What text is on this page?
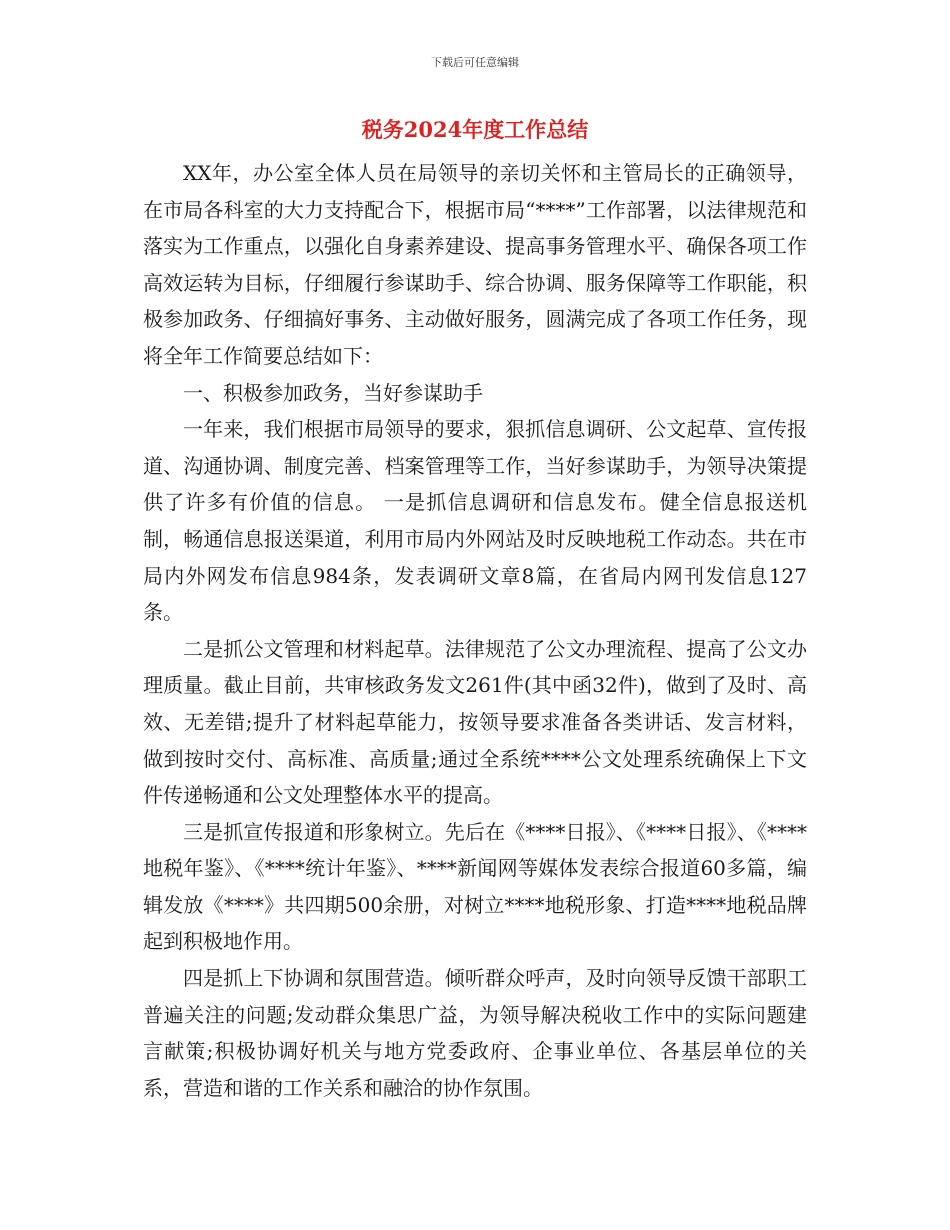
下载后可任意编辑
税务2024年度工作总结

XX年，办公室全体人员在局领导的亲切关怀和主管局长的正确领导，在市局各科室的大力支持配合下，根据市局“****”工作部署，以法律规范和落实为工作重点，以强化自身素养建设、提高事务管理水平、确保各项工作高效运转为目标，仔细履行参谋助手、综合协调、服务保障等工作职能，积极参加政务、仔细搞好事务、主动做好服务，圆满完成了各项工作任务，现将全年工作简要总结如下：

一、积极参加政务，当好参谋助手

一年来，我们根据市局领导的要求，狠抓信息调研、公文起草、宣传报道、沟通协调、制度完善、档案管理等工作，当好参谋助手，为领导决策提供了许多有价值的信息。 一是抓信息调研和信息发布。健全信息报送机制，畅通信息报送渠道，利用市局内外网站及时反映地税工作动态。共在市局内外网发布信息984条，发表调研文章8篇，在省局内网刊发信息127条。

二是抓公文管理和材料起草。法律规范了公文办理流程、提高了公文办理质量。截止目前，共审核政务发文261件(其中函32件)，做到了及时、高效、无差错;提升了材料起草能力，按领导要求准备各类讲话、发言材料，做到按时交付、高标准、高质量;通过全系统****公文处理系统确保上下文件传递畅通和公文处理整体水平的提高。

三是抓宣传报道和形象树立。先后在《****日报》、《****日报》、《****地税年鉴》、《****统计年鉴》、****新闻网等媒体发表综合报道60多篇，编辑发放《****》共四期500余册，对树立****地税形象、打造****地税品牌起到积极地作用。

四是抓上下协调和氛围营造。倾听群众呼声，及时向领导反馈干部职工普遍关注的问题;发动群众集思广益，为领导解决税收工作中的实际问题建言献策;积极协调好机关与地方党委政府、企事业单位、各基层单位的关系，营造和谐的工作关系和融洽的协作氛围。
